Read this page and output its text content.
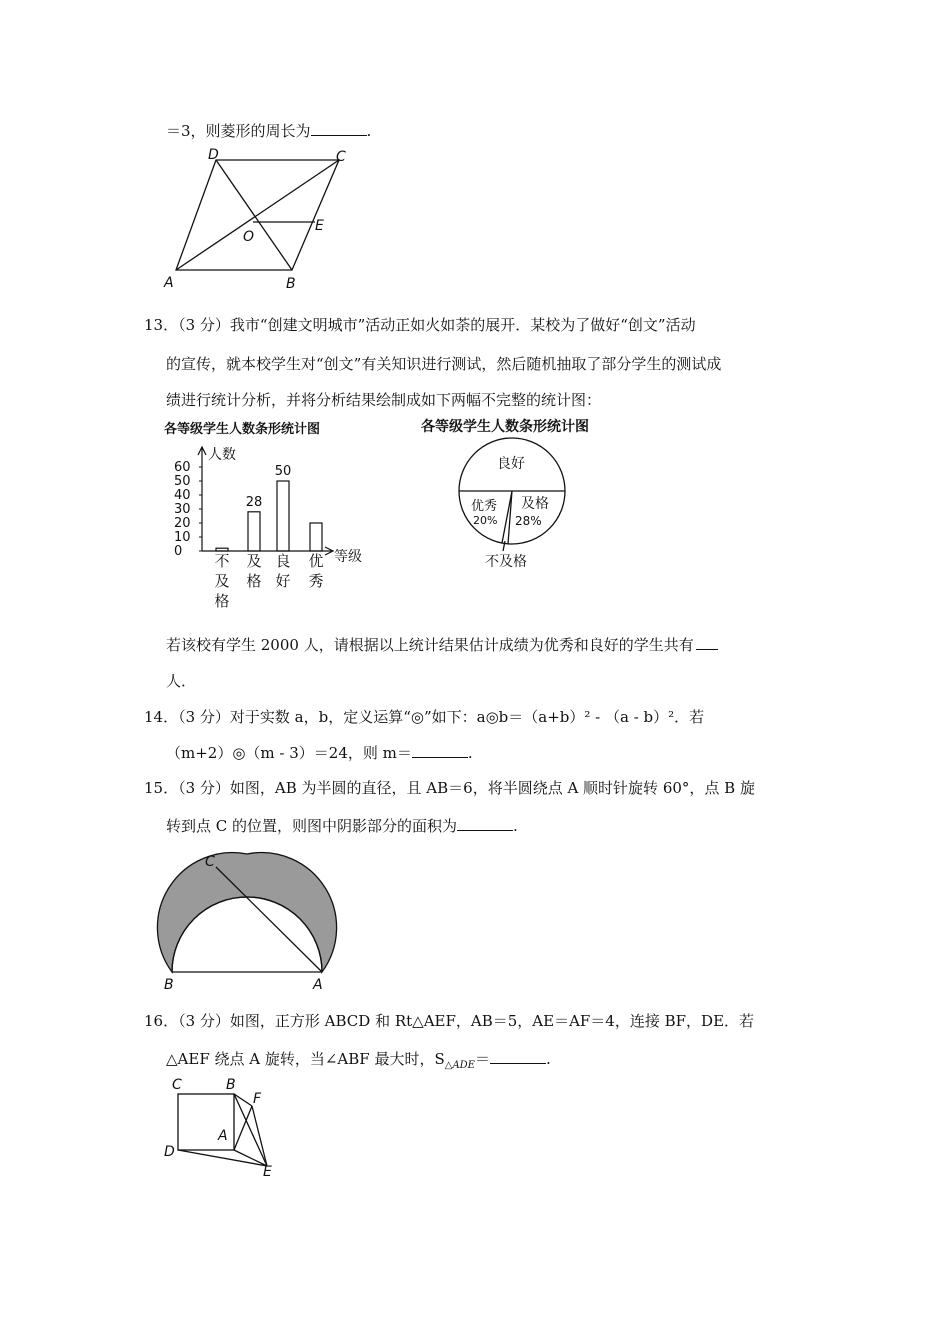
＝3，则菱形的周长为	.
D	C
A	B
O
E
13．（3 分）我市“创建文明城市”活动正如火如荼的展开．某校为了做好“创文”活动
的宣传，就本校学生对“创文”有关知识进行测试，然后随机抽取了部分学生的测试成
绩进行统计分析，并将分析结果绘制成如下两幅不完整的统计图：
各等级学生人数条形统计图
人数
等级
0
10
20
30
40
50
60
不
及
格
28
及
格
50
良
好
优
秀
各等级学生人数条形统计图
良好
优秀
20%
及格
28%
不及格
若该校有学生 2000 人，请根据以上统计结果估计成绩为优秀和良好的学生共有
人．
14．（3 分）对于实数 a，b，定义运算“◎”如下：a◎b＝（a+b）² - （a - b）²．若
（m+2）◎（m - 3）＝24，则 m＝	.
15．（3 分）如图，AB 为半圆的直径，且 AB＝6，将半圆绕点 A 顺时针旋转 60°，点 B 旋
转到点 C 的位置，则图中阴影部分的面积为	.
C
B	A
16．（3 分）如图，正方形 ABCD 和 Rt△AEF，AB＝5，AE＝AF＝4，连接 BF，DE．若
△AEF 绕点 A 旋转，当∠ABF 最大时，$S_{\triangle ADE}=$	.
C	B
F
A
D
E
